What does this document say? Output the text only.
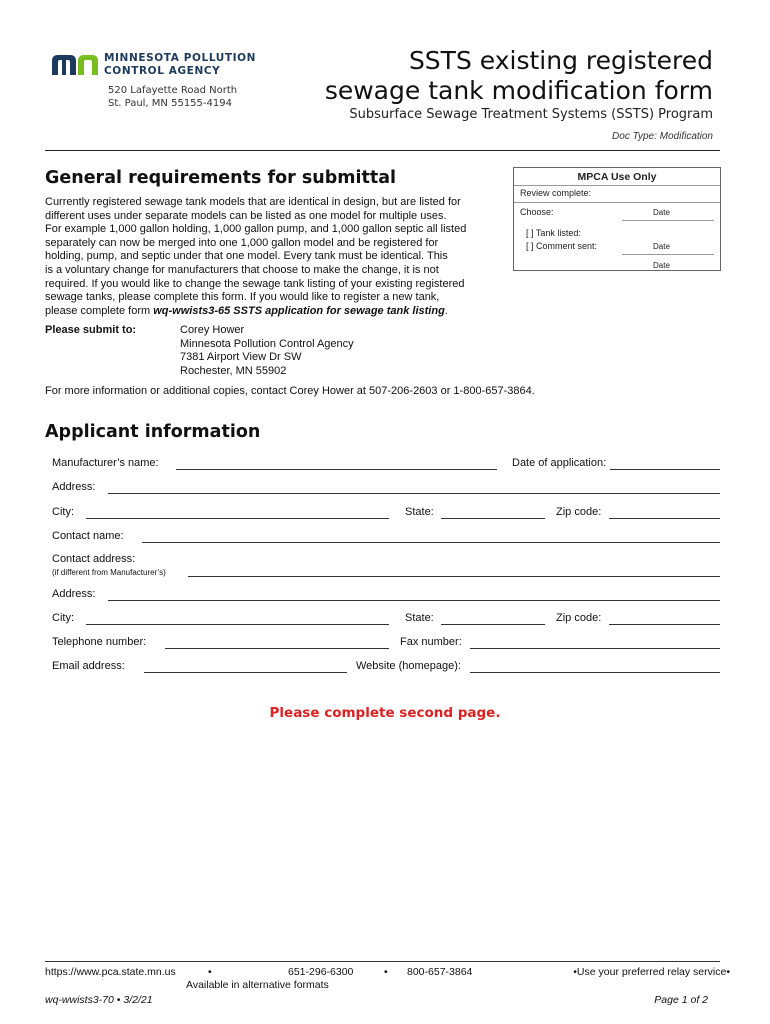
MINNESOTA POLLUTION
CONTROL AGENCY
520 Lafayette Road North
St. Paul, MN 55155-4194
SSTS existing registered
sewage tank modification form
Subsurface Sewage Treatment Systems (SSTS) Program
Doc Type: Modification
General requirements for submittal
Currently registered sewage tank models that are identical in design, but are listed for
different uses under separate models can be listed as one model for multiple uses.
For example 1,000 gallon holding, 1,000 gallon pump, and 1,000 gallon septic all listed
separately can now be merged into one 1,000 gallon model and be registered for
holding, pump, and septic under that one model. Every tank must be identical. This
is a voluntary change for manufacturers that choose to make the change, it is not
required. If you would like to change the sewage tank listing of your existing registered
sewage tanks, please complete this form. If you would like to register a new tank,
please complete form wq-wwists3-65 SSTS application for sewage tank listing.
Please submit to:	Corey Hower
Minnesota Pollution Control Agency
7381 Airport View Dr SW
Rochester, MN 55902
For more information or additional copies, contact Corey Hower at 507-206-2603 or 1-800-657-3864.
MPCA Use Only
Review complete:
Choose:	Date
[ ] Tank listed:
[ ] Comment sent:	Date
Date
Applicant information
Manufacturer’s name:	Date of application:
Address:
City:	State:	Zip code:
Contact name:
Contact address:
(if different from Manufacturer’s)
Address:
City:	State:	Zip code:
Telephone number:	Fax number:
Email address:	Website (homepage):
Please complete second page.
https://www.pca.state.mn.us	•	651-296-6300	• 800-657-3864	•Use your preferred relay service•
Available in alternative formats
wq-wwists3-70 • 3/2/21	Page 1 of 2
